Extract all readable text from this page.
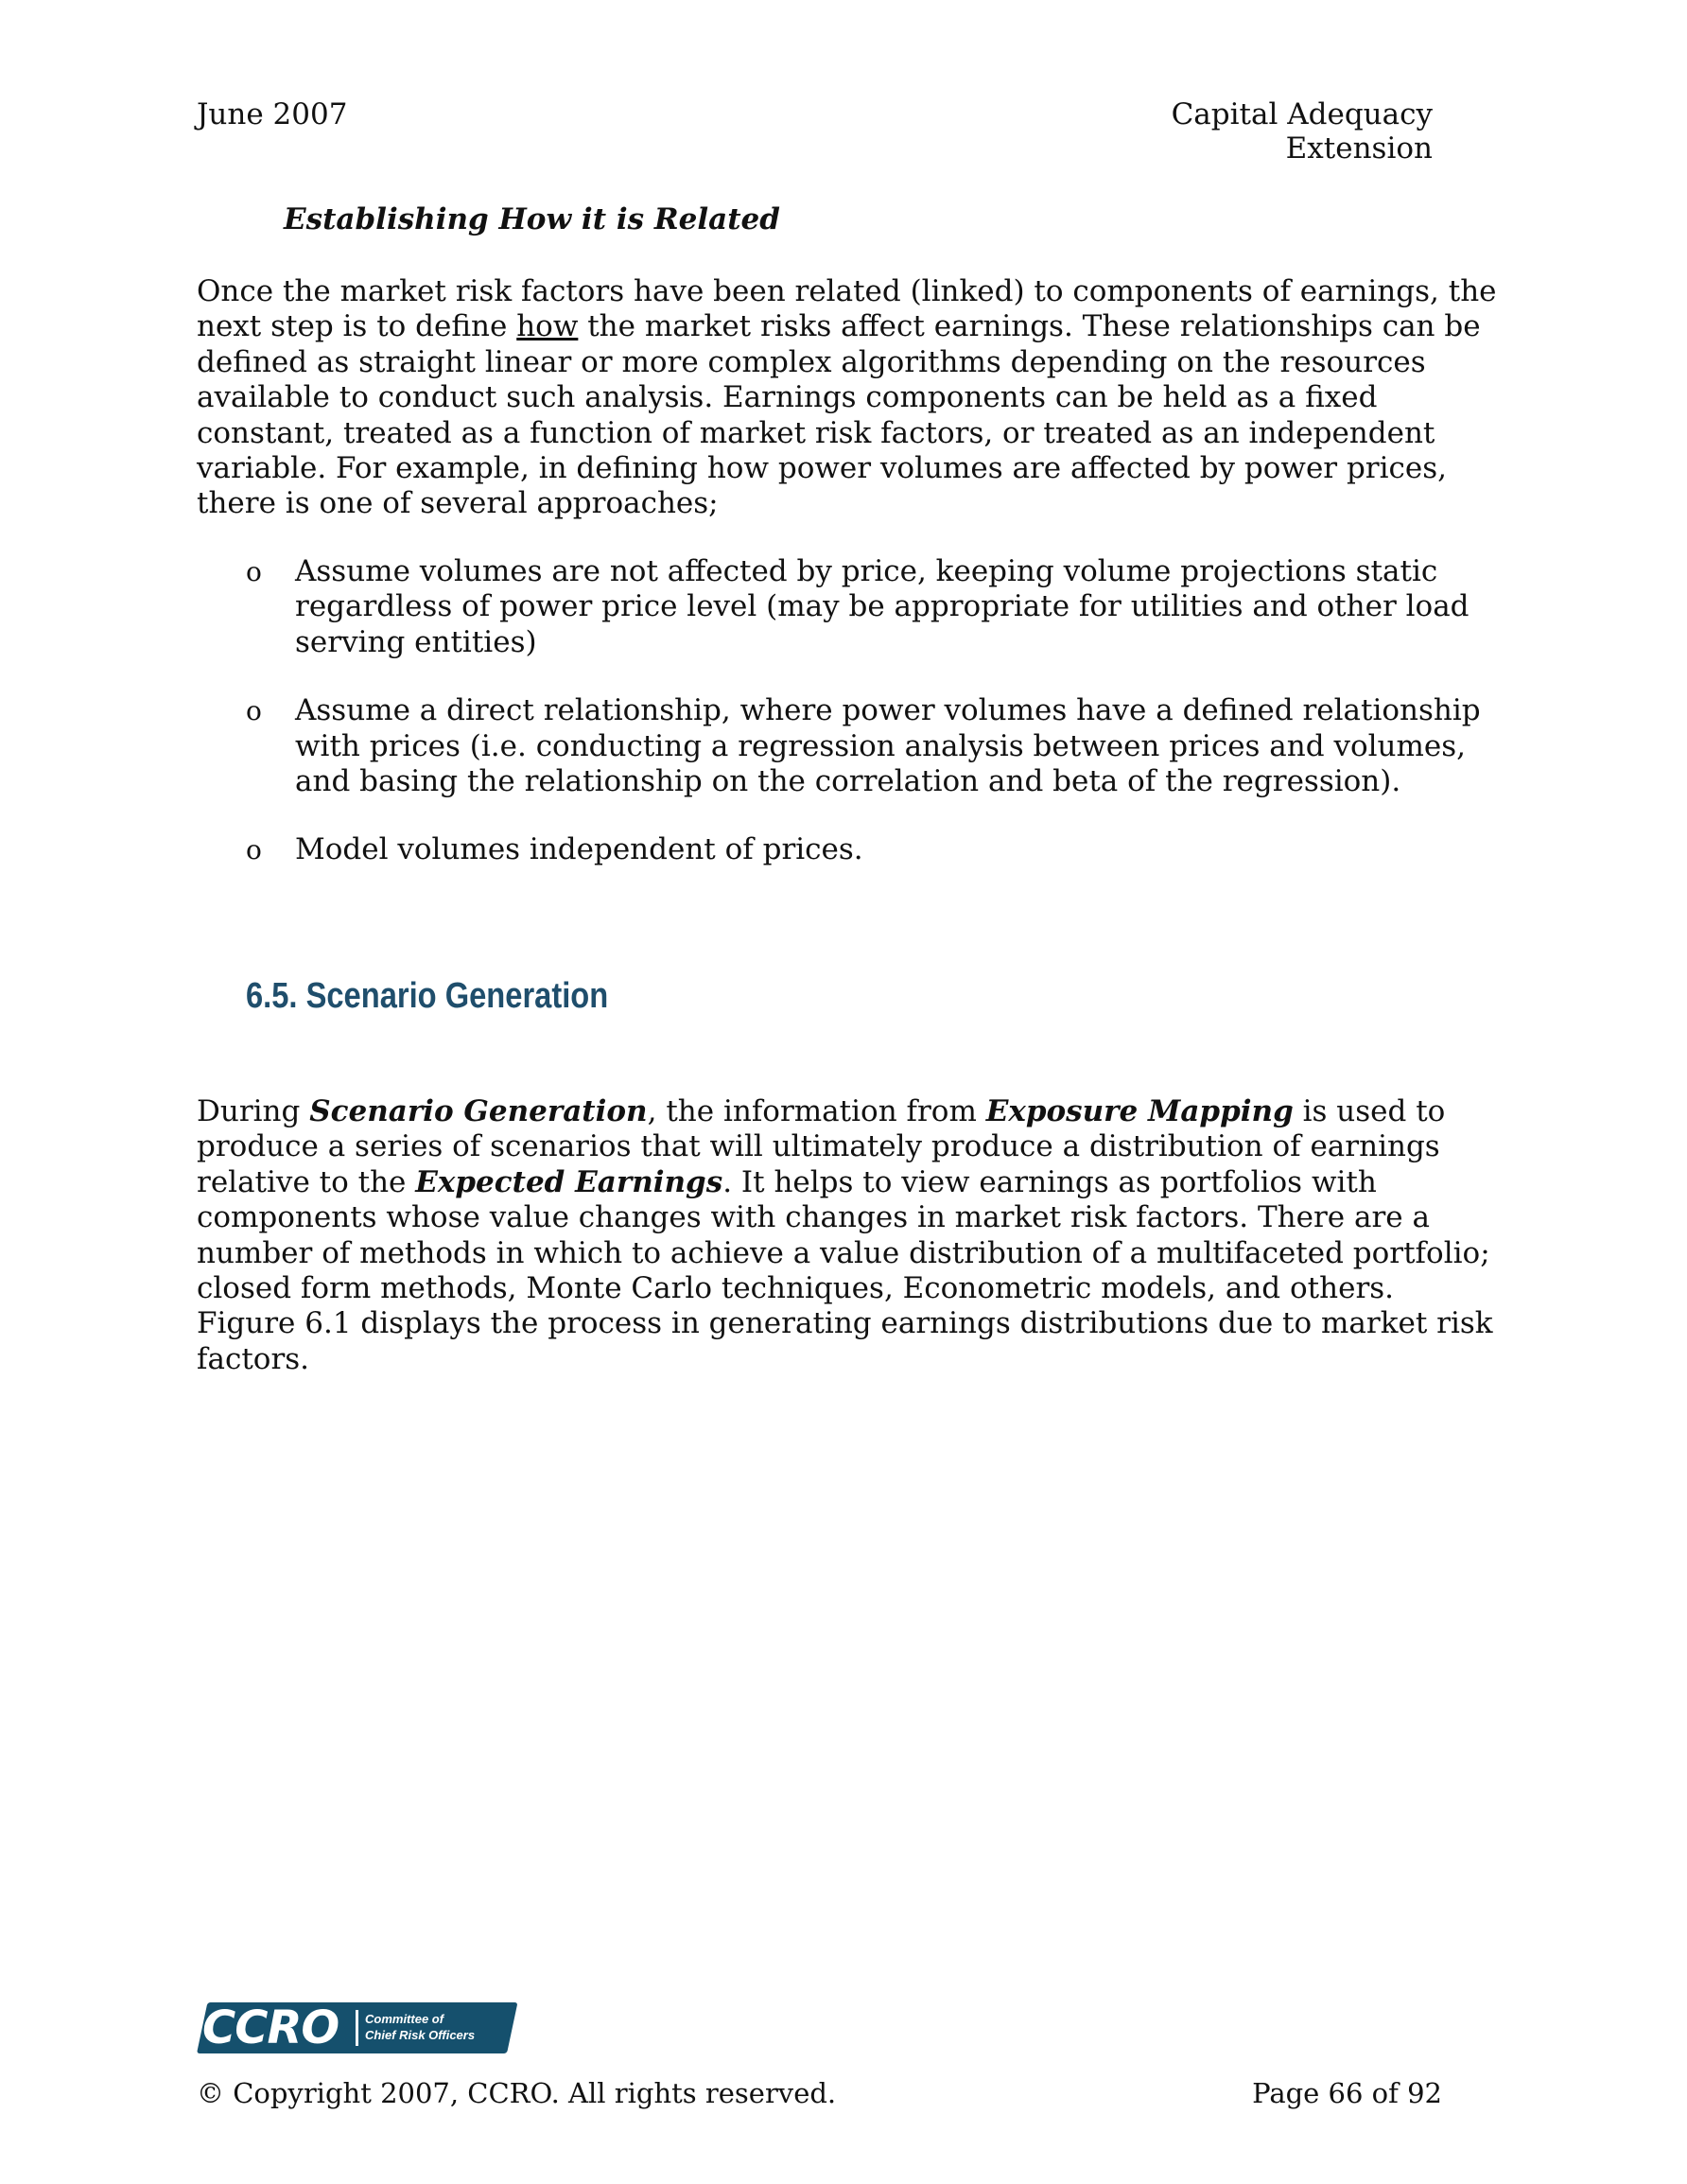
June 2007	Capital Adequacy Extension
Establishing How it is Related
Once the market risk factors have been related (linked) to components of earnings, the next step is to define how the market risks affect earnings. These relationships can be defined as straight linear or more complex algorithms depending on the resources available to conduct such analysis. Earnings components can be held as a fixed constant, treated as a function of market risk factors, or treated as an independent variable. For example, in defining how power volumes are affected by power prices, there is one of several approaches;
o Assume volumes are not affected by price, keeping volume projections static regardless of power price level (may be appropriate for utilities and other load serving entities)
o Assume a direct relationship, where power volumes have a defined relationship with prices (i.e. conducting a regression analysis between prices and volumes, and basing the relationship on the correlation and beta of the regression).
o Model volumes independent of prices.
6.5. Scenario Generation
During Scenario Generation, the information from Exposure Mapping is used to produce a series of scenarios that will ultimately produce a distribution of earnings relative to the Expected Earnings. It helps to view earnings as portfolios with components whose value changes with changes in market risk factors. There are a number of methods in which to achieve a value distribution of a multifaceted portfolio; closed form methods, Monte Carlo techniques, Econometric models, and others. Figure 6.1 displays the process in generating earnings distributions due to market risk factors.
CCRO Committee of
Chief Risk Officers
© Copyright 2007, CCRO. All rights reserved.	Page 66 of 92
